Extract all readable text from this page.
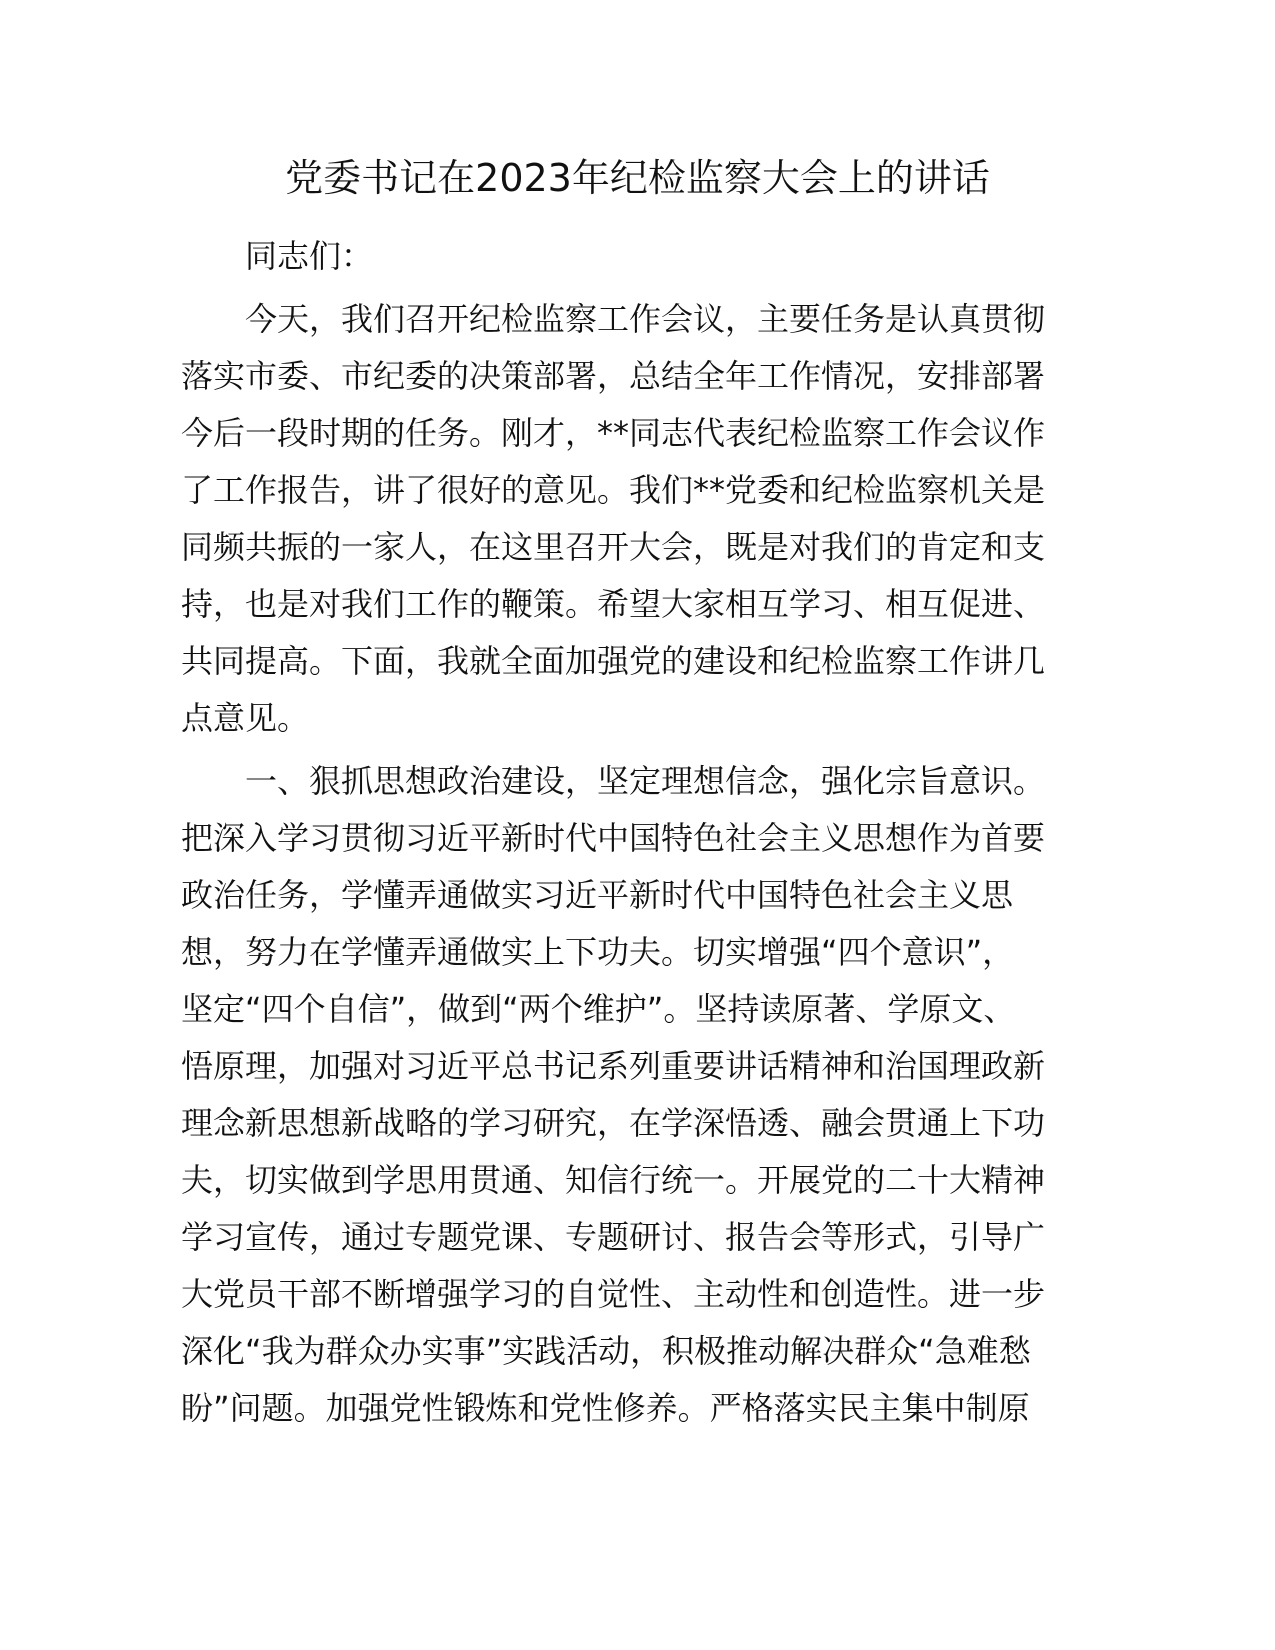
党委书记在2023年纪检监察大会上的讲话
同志们：
今天，我们召开纪检监察工作会议，主要任务是认真贯彻
落实市委、市纪委的决策部署，总结全年工作情况，安排部署
今后一段时期的任务。刚才，**同志代表纪检监察工作会议作
了工作报告，讲了很好的意见。我们**党委和纪检监察机关是
同频共振的一家人，在这里召开大会，既是对我们的肯定和支
持，也是对我们工作的鞭策。希望大家相互学习、相互促进、
共同提高。下面，我就全面加强党的建设和纪检监察工作讲几
点意见。
一、狠抓思想政治建设，坚定理想信念，强化宗旨意识。
把深入学习贯彻习近平新时代中国特色社会主义思想作为首要
政治任务，学懂弄通做实习近平新时代中国特色社会主义思
想，努力在学懂弄通做实上下功夫。切实增强“四个意识”，
坚定“四个自信”，做到“两个维护”。坚持读原著、学原文、
悟原理，加强对习近平总书记系列重要讲话精神和治国理政新
理念新思想新战略的学习研究，在学深悟透、融会贯通上下功
夫，切实做到学思用贯通、知信行统一。开展党的二十大精神
学习宣传，通过专题党课、专题研讨、报告会等形式，引导广
大党员干部不断增强学习的自觉性、主动性和创造性。进一步
深化“我为群众办实事”实践活动，积极推动解决群众“急难愁
盼”问题。加强党性锻炼和党性修养。严格落实民主集中制原
